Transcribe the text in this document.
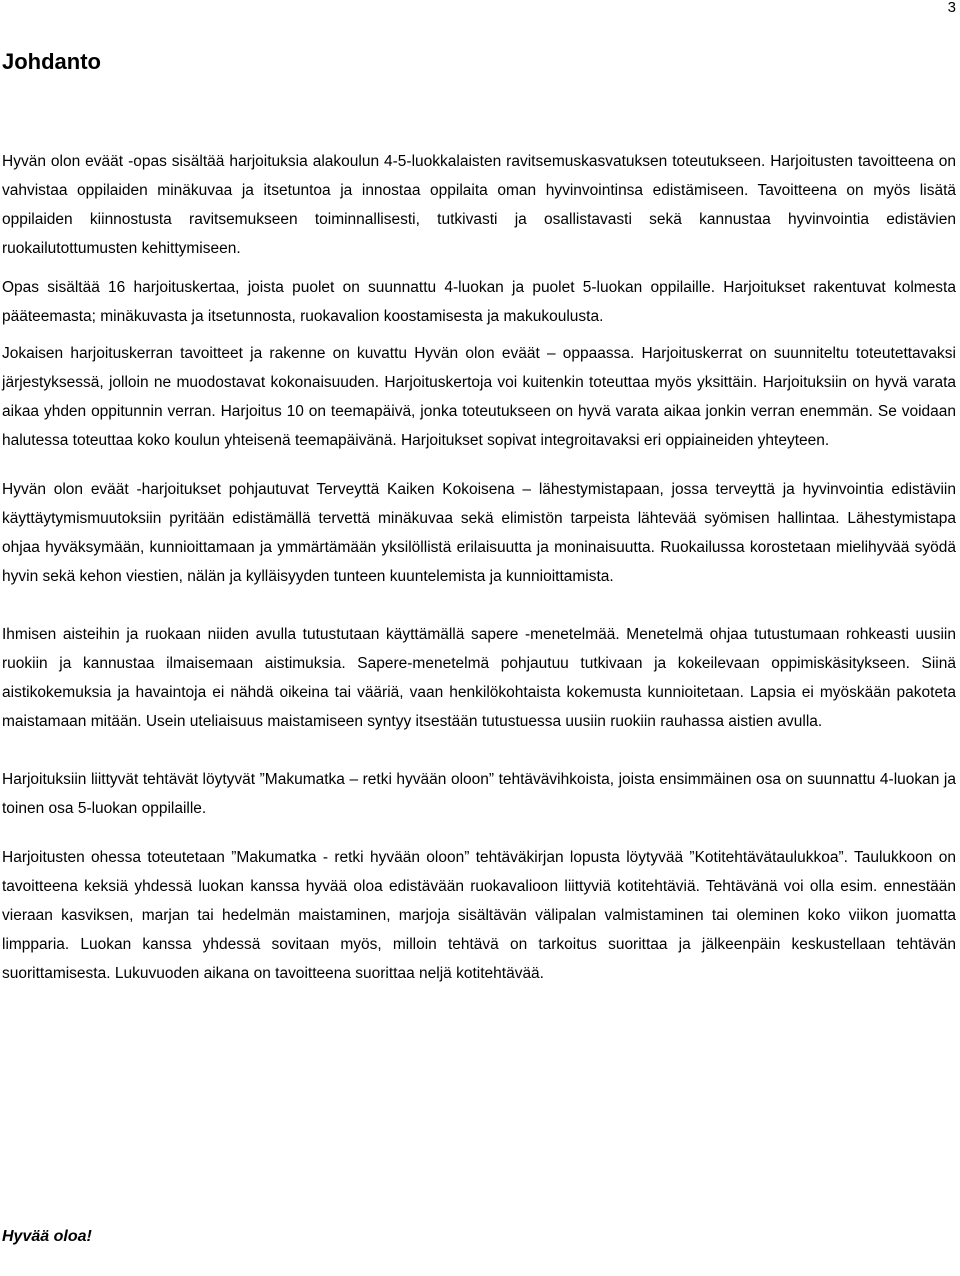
3
Johdanto

Hyvän olon eväät -opas sisältää harjoituksia alakoulun 4-5-luokkalaisten ravitsemuskasvatuksen toteutukseen. Harjoitusten tavoitteena on vahvistaa oppilaiden minäkuvaa ja itsetuntoa ja innostaa oppilaita oman hyvinvointinsa edistämiseen. Tavoitteena on myös lisätä oppilaiden kiinnostusta ravitsemukseen toiminnallisesti, tutkivasti ja osallistavasti sekä kannustaa hyvinvointia edistävien ruokailutottumusten kehittymiseen.

Opas sisältää 16 harjoituskertaa, joista puolet on suunnattu 4-luokan ja puolet 5-luokan oppilaille. Harjoitukset rakentuvat kolmesta pääteemasta; minäkuvasta ja itsetunnosta, ruokavalion koostamisesta ja makukoulusta.

Jokaisen harjoituskerran tavoitteet ja rakenne on kuvattu Hyvän olon eväät – oppaassa. Harjoituskerrat on suunniteltu toteutettavaksi järjestyksessä, jolloin ne muodostavat kokonaisuuden. Harjoituskertoja voi kuitenkin toteuttaa myös yksittäin. Harjoituksiin on hyvä varata aikaa yhden oppitunnin verran. Harjoitus 10 on teemapäivä, jonka toteutukseen on hyvä varata aikaa jonkin verran enemmän. Se voidaan halutessa toteuttaa koko koulun yhteisenä teemapäivänä. Harjoitukset sopivat integroitavaksi eri oppiaineiden yhteyteen.

Hyvän olon eväät -harjoitukset pohjautuvat Terveyttä Kaiken Kokoisena – lähestymistapaan, jossa terveyttä ja hyvinvointia edistäviin käyttäytymismuutoksiin pyritään edistämällä tervettä minäkuvaa sekä elimistön tarpeista lähtevää syömisen hallintaa. Lähestymistapa ohjaa hyväksymään, kunnioittamaan ja ymmärtämään yksilöllistä erilaisuutta ja moninaisuutta. Ruokailussa korostetaan mielihyvää syödä hyvin sekä kehon viestien, nälän ja kylläisyyden tunteen kuuntelemista ja kunnioittamista.

Ihmisen aisteihin ja ruokaan niiden avulla tutustutaan käyttämällä sapere -menetelmää. Menetelmä ohjaa tutustumaan rohkeasti uusiin ruokiin ja kannustaa ilmaisemaan aistimuksia. Sapere-menetelmä pohjautuu tutkivaan ja kokeilevaan oppimiskäsitykseen. Siinä aistikokemuksia ja havaintoja ei nähdä oikeina tai vääriä, vaan henkilökohtaista kokemusta kunnioitetaan. Lapsia ei myöskään pakoteta maistamaan mitään. Usein uteliaisuus maistamiseen syntyy itsestään tutustuessa uusiin ruokiin rauhassa aistien avulla.

Harjoituksiin liittyvät tehtävät löytyvät ”Makumatka – retki hyvään oloon” tehtävävihkoista, joista ensimmäinen osa on suunnattu 4-luokan ja toinen osa 5-luokan oppilaille.

Harjoitusten ohessa toteutetaan ”Makumatka - retki hyvään oloon” tehtäväkirjan lopusta löytyvää ”Kotitehtävätaulukkoa”. Taulukkoon on tavoitteena keksiä yhdessä luokan kanssa hyvää oloa edistävään ruokavalioon liittyviä kotitehtäviä. Tehtävänä voi olla esim. ennestään vieraan kasviksen, marjan tai hedelmän maistaminen, marjoja sisältävän välipalan valmistaminen tai oleminen koko viikon juomatta limpparia. Luokan kanssa yhdessä sovitaan myös, milloin tehtävä on tarkoitus suorittaa ja jälkeenpäin keskustellaan tehtävän suorittamisesta. Lukuvuoden aikana on tavoitteena suorittaa neljä kotitehtävää.

Hyvää oloa!
